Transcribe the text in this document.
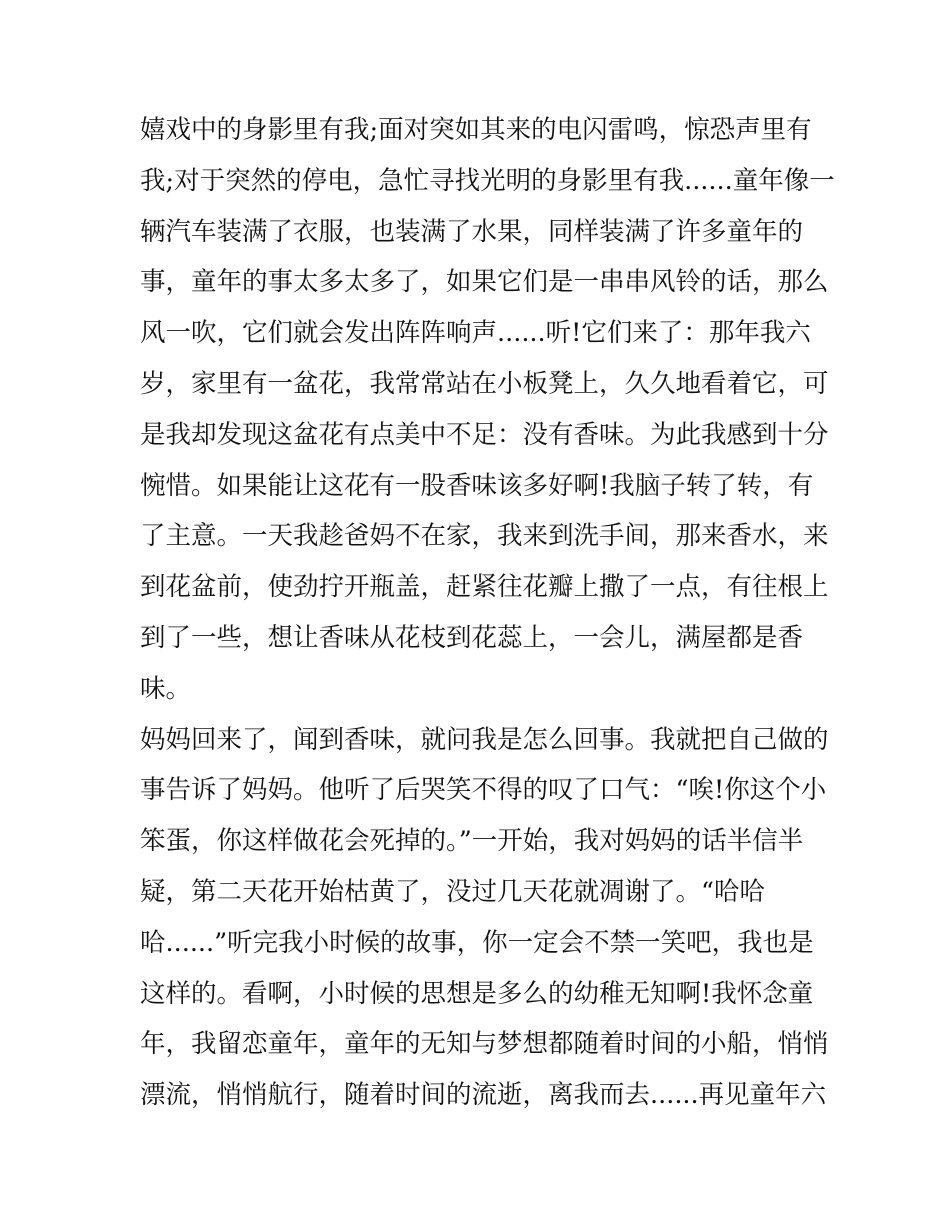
嬉戏中的身影里有我;面对突如其来的电闪雷鸣，惊恐声里有
我;对于突然的停电，急忙寻找光明的身影里有我......童年像一
辆汽车装满了衣服，也装满了水果，同样装满了许多童年的
事，童年的事太多太多了，如果它们是一串串风铃的话，那么
风一吹，它们就会发出阵阵响声......听!它们来了：那年我六
岁，家里有一盆花，我常常站在小板凳上，久久地看着它，可
是我却发现这盆花有点美中不足：没有香味。为此我感到十分
惋惜。如果能让这花有一股香味该多好啊!我脑子转了转，有
了主意。一天我趁爸妈不在家，我来到洗手间，那来香水，来
到花盆前，使劲拧开瓶盖，赶紧往花瓣上撒了一点，有往根上
到了一些，想让香味从花枝到花蕊上，一会儿，满屋都是香
味。
妈妈回来了，闻到香味，就问我是怎么回事。我就把自己做的
事告诉了妈妈。他听了后哭笑不得的叹了口气：“唉!你这个小
笨蛋，你这样做花会死掉的。”一开始，我对妈妈的话半信半
疑，第二天花开始枯黄了，没过几天花就凋谢了。“哈哈
哈......”听完我小时候的故事，你一定会不禁一笑吧，我也是
这样的。看啊，小时候的思想是多么的幼稚无知啊!我怀念童
年，我留恋童年，童年的无知与梦想都随着时间的小船，悄悄
漂流，悄悄航行，随着时间的流逝，离我而去......再见童年六
